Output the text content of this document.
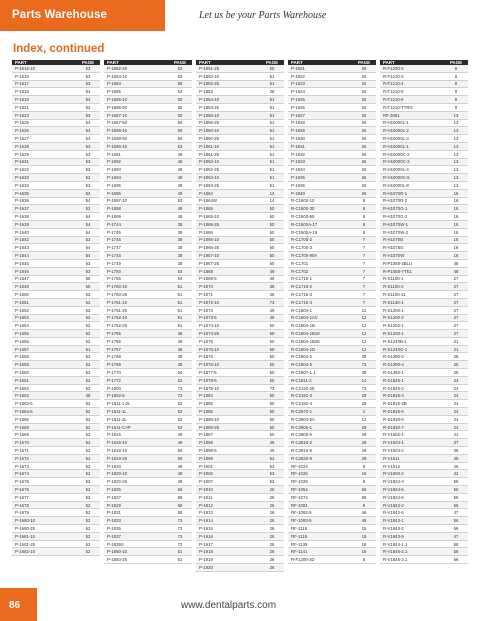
Parts Warehouse	Let us be your Parts Warehouse
Index, continued
PART	PAGE
P-1616-10	53
P-1616	53
P-1617	53
P-1618	54
P-1619	54
P-1621	52
P-1623	53
P-1625	54
P-1626	54
P-1627	54
P-1628	53
P-1629	53
P-1631	53
P-1632	52
P-1633	52
P-1634	53
P-1635	54
P-1636	54
P-1637	52
P-1638	54
P-1639	54
P-1640	54
P-1642	53
P-1643	54
P-1644	54
P-1645	53
P-1646	53
P-1647	55
P-1648	55
P-1650	52
P-1651	52
P-1652	52
P-1653	52
P-1654	52
P-1655	52
P-1656	52
P-1657	51
P-1658	52
P-1659	52
P-1660	52
P-1661	52
P-1662	52
P-1663	48
P-1663-5	52
P-1664-5	52
P-1666	52
P-1668	52
P-1669	52
P-1670	52
P-1671	52
P-1672	52
P-1673	52
P-1674	52
P-1675	52
P-1676	52
P-1677	52
P-1678	52
P-1679	52
P-1680-10	52
P-1680-25	52
P-1681-10	52
P-1681-25	52
P-1682-10	52
PART	PAGE
P-1682-25	52
P-1683-10	53
P-1684	55
P-1685	54
P-1686-10	50
P-1686-50	50
P-1687-10	50
P-1687-50	50
P-1688-10	50
P-1688-50	50
P-1690-10	53
P-1691	48
P-1692	48
P-1693	48
P-1694	49
P-1695	49
P-1696	49
P-1697-10	53
P-1698	49
P-1699	49
P-1744	38
P-1745	38
P-1746	38
P-1747	38
P-1748	38
P-1749	38
P-1750	54
P-1755	54
P-1760-10	51
P-1760-25	51
P-1761-10	51
P-1761-25	51
P-1762-10	51
P-1762-25	51
P-1765	38
P-1766	38
P-1767	38
P-1768	38
P-1769	38
P-1770	54
P-1772	52
P-1800	73
P-1802-5	73
P-1811-1,5L	52
P-1811-1L	52
P-1811-2L	52
P-1811-CAP	52
P-1815	49
P-1815-10	49
P-1819-10	50
P-1819-25	50
P-1820	49
P-1820-10	49
P-1820-25	49
P-1825	68
P-1827	68
P-1829	68
P-1831	68
P-1833	73
P-1835	73
P-1837	73
P-1839S	73
P-1850-10	51
P-1850-25	51
PART	PAGE
P-1851-25	50
P-1852-10	51
P-1852-25	51
P-1853	26
P-1854-10	51
P-1854-25	51
P-1856-10	51
P-1856-25	51
P-1860-10	51
P-1860-25	51
P-1861-10	51
P-1861-25	51
P-1862-10	51
P-1862-25	51
P-1863-10	51
P-1863-25	51
P-1864	14
P-1864W	14
P-1865	50
P-1865-10	50
P-1865-25	50
P-1866	50
P-1866-10	50
P-1866-25	50
P-1867-10	50
P-1867-25	50
P-1868	49
P-1868-5	49
P-1870	38
P-1871	38
P-1872-10	73
P-1873	49
P-1873-5	49
P-1874-10	50
P-1874-25	50
P-1875	50
P-1875-10	50
P-1876	50
P-1876-10	50
P-1877-5	50
P-1878-5	50
P-1879-10	73
P-1884	50
P-1885	50
P-1886	50
P-1886-10	50
P-1886-25	50
P-1887	50
P-1898	49
P-1898-5	49
P-1899	52
P-1901	53
P-1902	53
P-1907	52
P-1910	26
P-1911	26
P-1912	26
P-1913	26
P-1914	26
P-1915	26
P-1916	26
P-1917	26
P-1918	26
P-1919	26
P-1920	26
PART	PAGE
P-1921	26
P-1922	26
P-1923	26
P-1924	26
P-1925	26
P-1926	26
P-1927	26
P-1928	26
P-1929	26
P-1930	26
P-1931	26
P-1932	26
P-1933	26
P-1934	26
P-1935	26
P-1936	26
P-1940	26
R-C1600-10	8
R-C1600-30	8
R-C1600-60	8
R-C1600A-17	8
R-C1600A-19	8
R-C1700-2	7
R-C1700-3	7
R-C1700-90A	7
R-C1701	7
R-C1702	7
R-C1715-1	7
R-C1715-2	7
R-C1715-3	7
R-C1715-4	7
R-C1804-1	12
R-C1804-1AC	12
R-C1804-1B	12
R-C1804-1B10	12
R-C1804-1B25	12
R-C1804-1D	12
R-C1804-2	29
R-C1804-5	73
R-C1807-1.1	38
R-C1811-2	14
R-C2120-25	73
R-C2152-3	29
R-C2152-4	29
R-C2670-1	1
R-C2804-6A	12
R-C2805-1	29
R-C2805-6	29
R-C2815-2	28
R-C2815-6	28
R-C2820-9	29
RF-1024	8
RF-1026	15
RF-1028	8
RF-1054	56
RF-1074	56
RF-1081	9
RF-1092-5	46
RF-1093-5	46
RF-1118	15
RF-1119	15
RF-1139	16
RF-1141	16
R-F1200-3D	8
PART	PAGE
R-F1200-3	8
R-F1210-3	8
R-F1210-4	8
R-F1210-5	8
R-F1210-6	8
R-F1210-TTRG	8
RF-3081	13
R-H10000L-1	13
R-H10000L-2	13
R-H10000L-3	13
R-H10000L-1	13
R-H10000C-2	13
R-H10000C-3	13
R-H10000L-4	13
R-H10000C-5	13
R-H10000L-8	13
R-H1070R-1	16
R-H1070R-2	16
R-H1070G-1	16
R-H1070G-2	16
R-H1070W-1	16
R-H1070W-2	16
R-H1070B	16
R-H1075G	16
R-H1070W	16
R-P1068-3BLU	48
R-P1068-YTEL	48
R-S1100-1	27
R-S1100-2	27
R-S1100-11	27
R-S1130-1	27
R-S1200-1	27
R-S1200-2	27
R-S1202-1	27
R-S1230-1	27
R-S1240B-1	21
R-S1240G-1	21
R-S1390-2	26
R-S1390-4	26
R-S1392-1	25
R-S1825-1	24
R-S1825-2	24
R-S1825-4	24
R-S1825-2B	24
R-S1825-6	24
R-S1830-5	24
R-S1830-7	24
R-V1502-1	41
R-V1504-1	37
R-V1504-2	38
R-V1511	45
R-V1512	46
R-V1600-2	42
R-V1824-4	56
R-V1824-5	56
R-V1824-6	56
R-V1842-2	56
R-V1842-5	47
R-V1843-1	56
R-V1843-2	56
R-V1843-5	47
R-V1844-1.1	56
R-V1846-2.1	56
R-V1846-3.1	56
86	www.dentalparts.com
